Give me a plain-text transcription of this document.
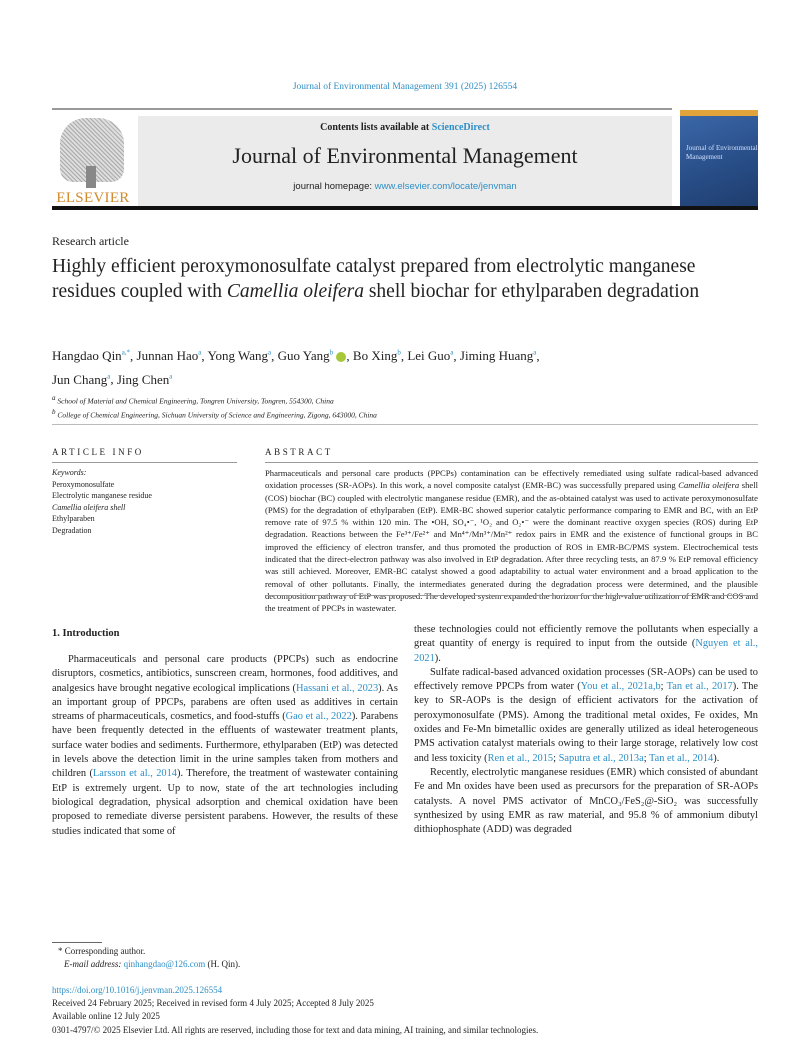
Journal of Environmental Management 391 (2025) 126554
ELSEVIER
Contents lists available at ScienceDirect
Journal of Environmental Management
journal homepage: www.elsevier.com/locate/jenvman
Journal of Environmental Management
Research article
Highly efficient peroxymonosulfate catalyst prepared from electrolytic manganese residues coupled with Camellia oleifera shell biochar for ethylparaben degradation
Hangdao Qin$^{a,*}$, Junnan Hao$^a$, Yong Wang$^a$, Guo Yang$^b$ , Bo Xing$^b$, Lei Guo$^a$, Jiming Huang$^a$,
Jun Chang$^a$, Jing Chen$^a$
$^a$ School of Material and Chemical Engineering, Tongren University, Tongren, 554300, China
$^b$ College of Chemical Engineering, Sichuan University of Science and Engineering, Zigong, 643000, China
ARTICLE INFO	ABSTRACT
Keywords:
Peroxymonosulfate
Electrolytic manganese residue
Camellia oleifera shell
Ethylparaben
Degradation

Pharmaceuticals and personal care products (PPCPs) contamination can be effectively remediated using sulfate radical-based advanced oxidation processes (SR-AOPs). In this work, a novel composite catalyst (EMR-BC) was successfully prepared using Camellia oleifera shell (COS) biochar (BC) coupled with electrolytic manganese residue (EMR), and the as-obtained catalyst was used to activate peroxymonosulfate (PMS) for the degradation of ethylparaben (EtP). EMR-BC showed superior catalytic performance comparing to EMR and BC, with an EtP remove rate of 97.5 % within 120 min. The •OH, SO₄•⁻, ¹O₂ and O₂•⁻ were the dominant reactive oxygen species (ROS) during EtP degradation. Reactions between the Fe³⁺/Fe²⁺ and Mn⁴⁺/Mn³⁺/Mn²⁺ redox pairs in EMR and the existence of functional groups in BC improved the efficiency of electron transfer, and thus promoted the production of ROS in EMR-BC/PMS system. Electrochemical tests indicated that the direct-electron pathway was also involved in EtP degradation. After three recycling tests, an 87.9 % EtP removal efficiency was still achieved. Moreover, EMR-BC catalyst showed a good adaptability to actual water environment and a broad application to the removal of other pollutants. Finally, the intermediates generated during the degradation process were determined, and the plausible the treatment of PPCPs in wastewater.

1. Introduction

Pharmaceuticals and personal care products (PPCPs) such as endocrine disruptors, cosmetics, antibiotics, sunscreen cream, hormones, food additives, and analgesics have brought negative ecological implications (Hassani et al., 2023). As an important group of PPCPs, parabens are often used as additives in certain streams of pharmaceuticals, cosmetics, and food-stuffs (Gao et al., 2022). Parabens have been frequently detected in the effluents of wastewater treatment plants, surface water bodies and sediments. Furthermore, ethylparaben (EtP) was detected in levels above the detection limit in the urine samples taken from mothers and children (Larsson et al., 2014). Therefore, the treatment of wastewater containing EtP is extremely urgent. Up to now, state of the art technologies including biological degradation, physical adsorption and chemical oxidation have been proposed to remediate diverse persistent parabens. However, the results of these studies indicated that some of

these technologies could not efficiently remove the pollutants when especially a great quantity of energy is required to input from the outside (Nguyen et al., 2021).

Sulfate radical-based advanced oxidation processes (SR-AOPs) can be used to effectively remove PPCPs from water (You et al., 2021a,b; Tan et al., 2017). The key to SR-AOPs is the design of efficient activators for the activation of peroxymonosulfate (PMS). Among the traditional metal oxides, Fe oxides, Mn oxides and Fe-Mn bimetallic oxides are generally utilized as ideal heterogeneous PMS activation catalyst materials owing to their large storage, relatively low cost and less toxicity (Ren et al., 2015; Saputra et al., 2013a; Tan et al., 2014).

Recently, electrolytic manganese residues (EMR) which consisted of abundant Fe and Mn oxides have been used as precursors for the preparation of SR-AOPs catalysts. A novel PMS activator of MnCO₃/FeS₂@-SiO₂ was successfully synthesized by using EMR as raw material, and 95.8 % of ammonium dibutyl dithiophosphate (ADD) was degraded

* Corresponding author.
E-mail address: qinhangdao@126.com (H. Qin).
https://doi.org/10.1016/j.jenvman.2025.126554
Received 24 February 2025; Received in revised form 4 July 2025; Accepted 8 July 2025
Available online 12 July 2025
0301-4797/© 2025 Elsevier Ltd. All rights are reserved, including those for text and data mining, AI training, and similar technologies.
